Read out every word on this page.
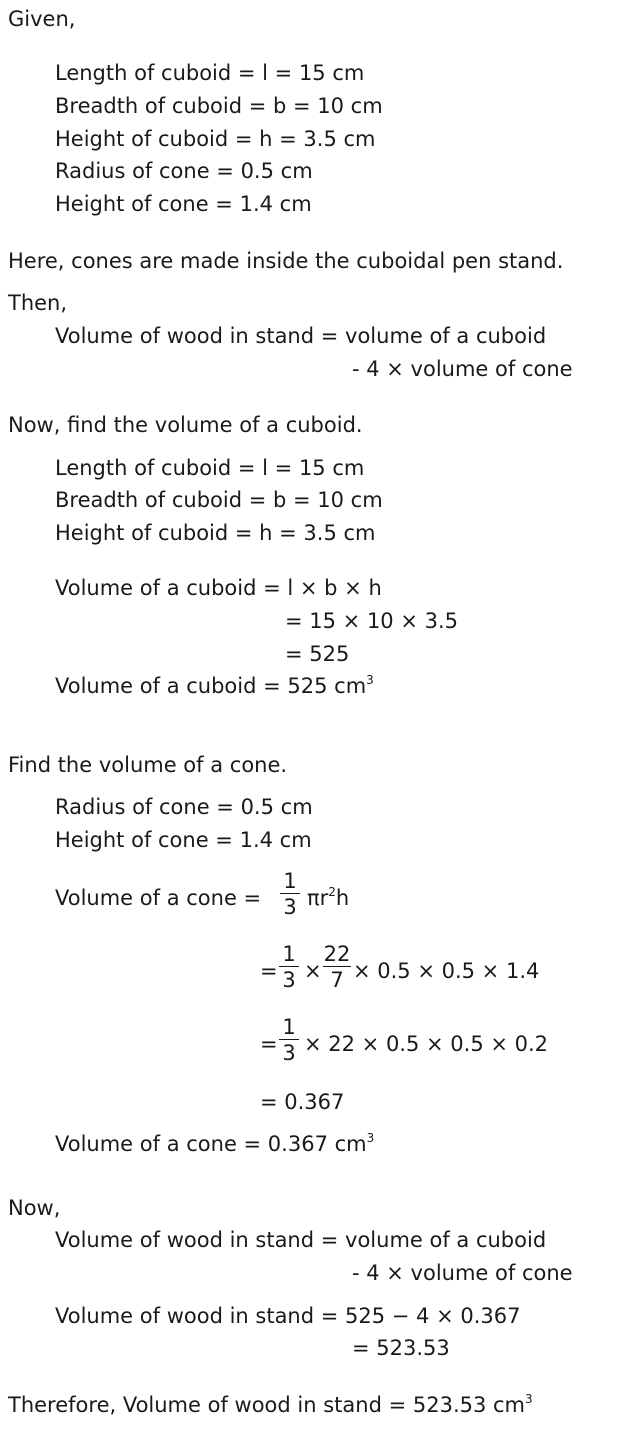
Given,
Length of cuboid = l = 15 cm
Breadth of cuboid = b = 10 cm
Height of cuboid = h = 3.5 cm
Radius of cone = 0.5 cm
Height of cone = 1.4 cm
Here, cones are made inside the cuboidal pen stand.
Then,
Volume of wood in stand = volume of a cuboid
- 4 × volume of cone
Now, find the volume of a cuboid.
Length of cuboid = l = 15 cm
Breadth of cuboid = b = 10 cm
Height of cuboid = h = 3.5 cm
Volume of a cuboid = l × b × h
= 15 × 10 × 3.5
= 525
Volume of a cuboid = 525 $cm^3$
Find the volume of a cone.
Radius of cone = 0.5 cm
Height of cone = 1.4 cm
Volume of a cone =
1
3 $\pi r^2h$
=
1
3 ×
22
7 × 0.5 × 0.5 × 1.4
=
1
3 × 22 × 0.5 × 0.5 × 0.2
= 0.367
Volume of a cone = 0.367 $cm^3$
Now,
Volume of wood in stand = volume of a cuboid
- 4 × volume of cone
Volume of wood in stand = 525 − 4 × 0.367
= 523.53
Therefore, Volume of wood in stand = 523.53 $cm^3$
